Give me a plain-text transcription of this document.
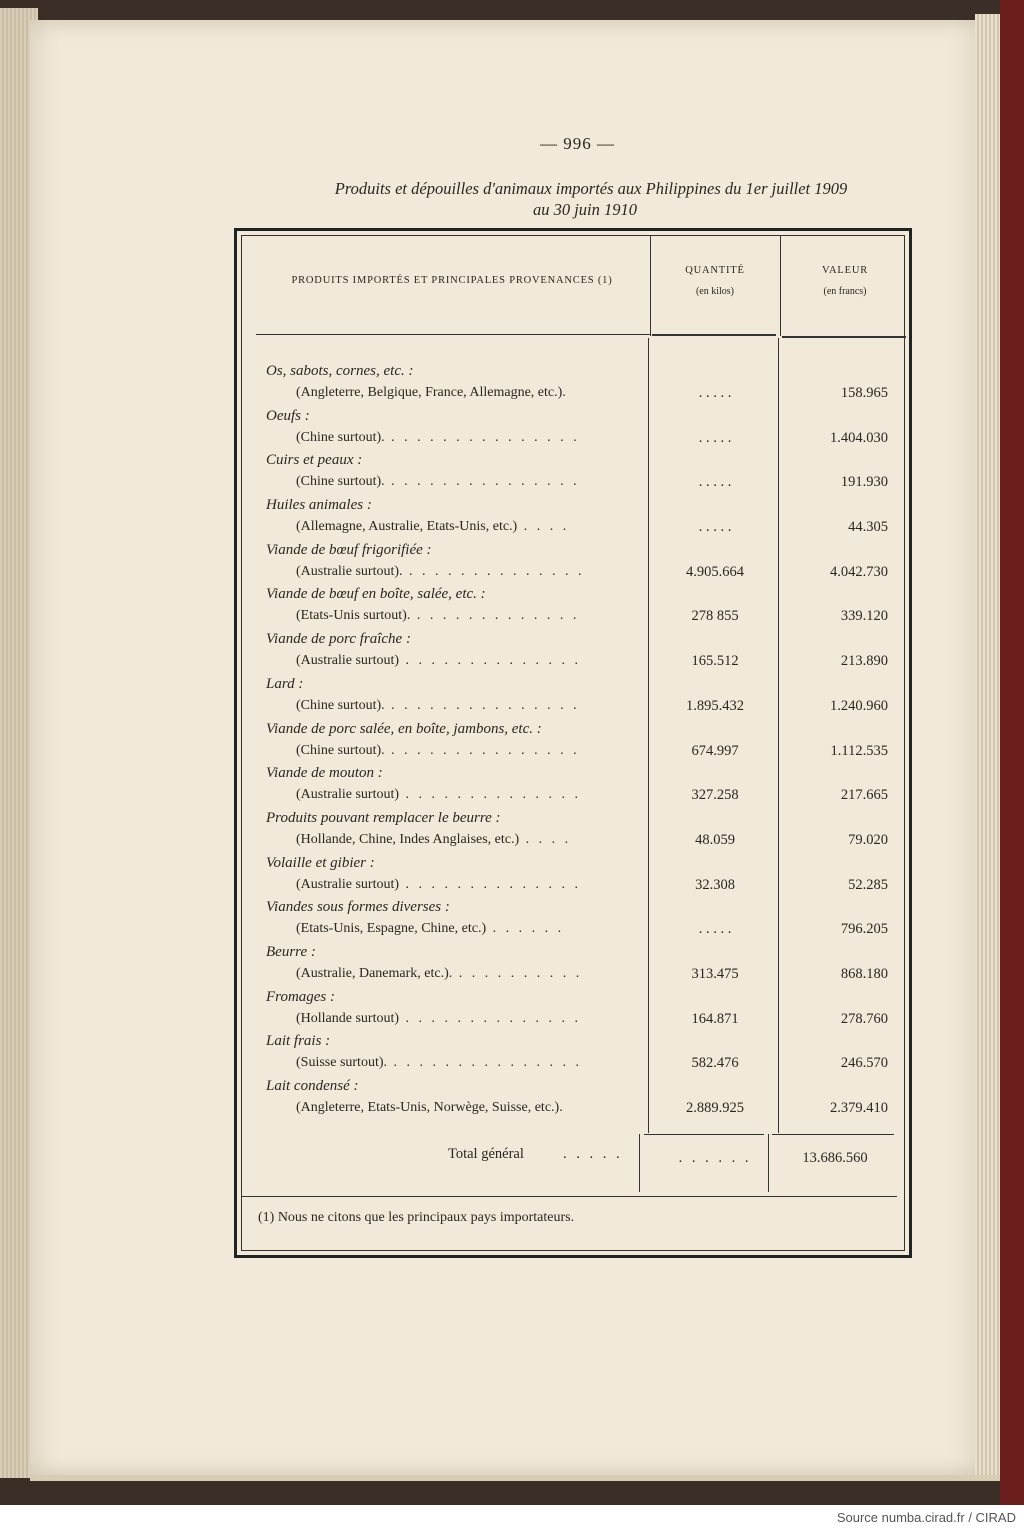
— 996 —
Produits et dépouilles d'animaux importés aux Philippines du 1er juillet 1909
au 30 juin 1910
PRODUITS IMPORTÉS ET PRINCIPALES PROVENANCES (1)
QUANTITÉ
(en kilos)
VALEUR
(en francs)
Os, sabots, cornes, etc. :
(Angleterre, Belgique, France, Allemagne, etc.).	. . . . .	158.965
Oeufs :
(Chine surtout). . . . . . . . . . . . . . . .	. . . . .	1.404.030
Cuirs et peaux :
(Chine surtout). . . . . . . . . . . . . . . .	. . . . .	191.930
Huiles animales :
(Allemagne, Australie, Etats-Unis, etc.) . . . .	. . . . .	44.305
Viande de bœuf frigorifiée :
(Australie surtout). . . . . . . . . . . . . . .	4.905.664	4.042.730
Viande de bœuf en boîte, salée, etc. :
(Etats-Unis surtout). . . . . . . . . . . . . .	278 855	339.120
Viande de porc fraîche :
(Australie surtout) . . . . . . . . . . . . . .	165.512	213.890
Lard :
(Chine surtout). . . . . . . . . . . . . . . .	1.895.432	1.240.960
Viande de porc salée, en boîte, jambons, etc. :
(Chine surtout). . . . . . . . . . . . . . . .	674.997	1.112.535
Viande de mouton :
(Australie surtout) . . . . . . . . . . . . . .	327.258	217.665
Produits pouvant remplacer le beurre :
(Hollande, Chine, Indes Anglaises, etc.) . . . .	48.059	79.020
Volaille et gibier :
(Australie surtout) . . . . . . . . . . . . . .	32.308	52.285
Viandes sous formes diverses :
(Etats-Unis, Espagne, Chine, etc.) . . . . . .	. . . . .	796.205
Beurre :
(Australie, Danemark, etc.). . . . . . . . . . .	313.475	868.180
Fromages :
(Hollande surtout) . . . . . . . . . . . . . .	164.871	278.760
Lait frais :
(Suisse surtout). . . . . . . . . . . . . . . .	582.476	246.570
Lait condensé :
(Angleterre, Etats-Unis, Norwège, Suisse, etc.).	2.889.925	2.379.410
Total général	. . . . .	. . . . . .	13.686.560
(1) Nous ne citons que les principaux pays importateurs.
Source numba.cirad.fr / CIRAD
